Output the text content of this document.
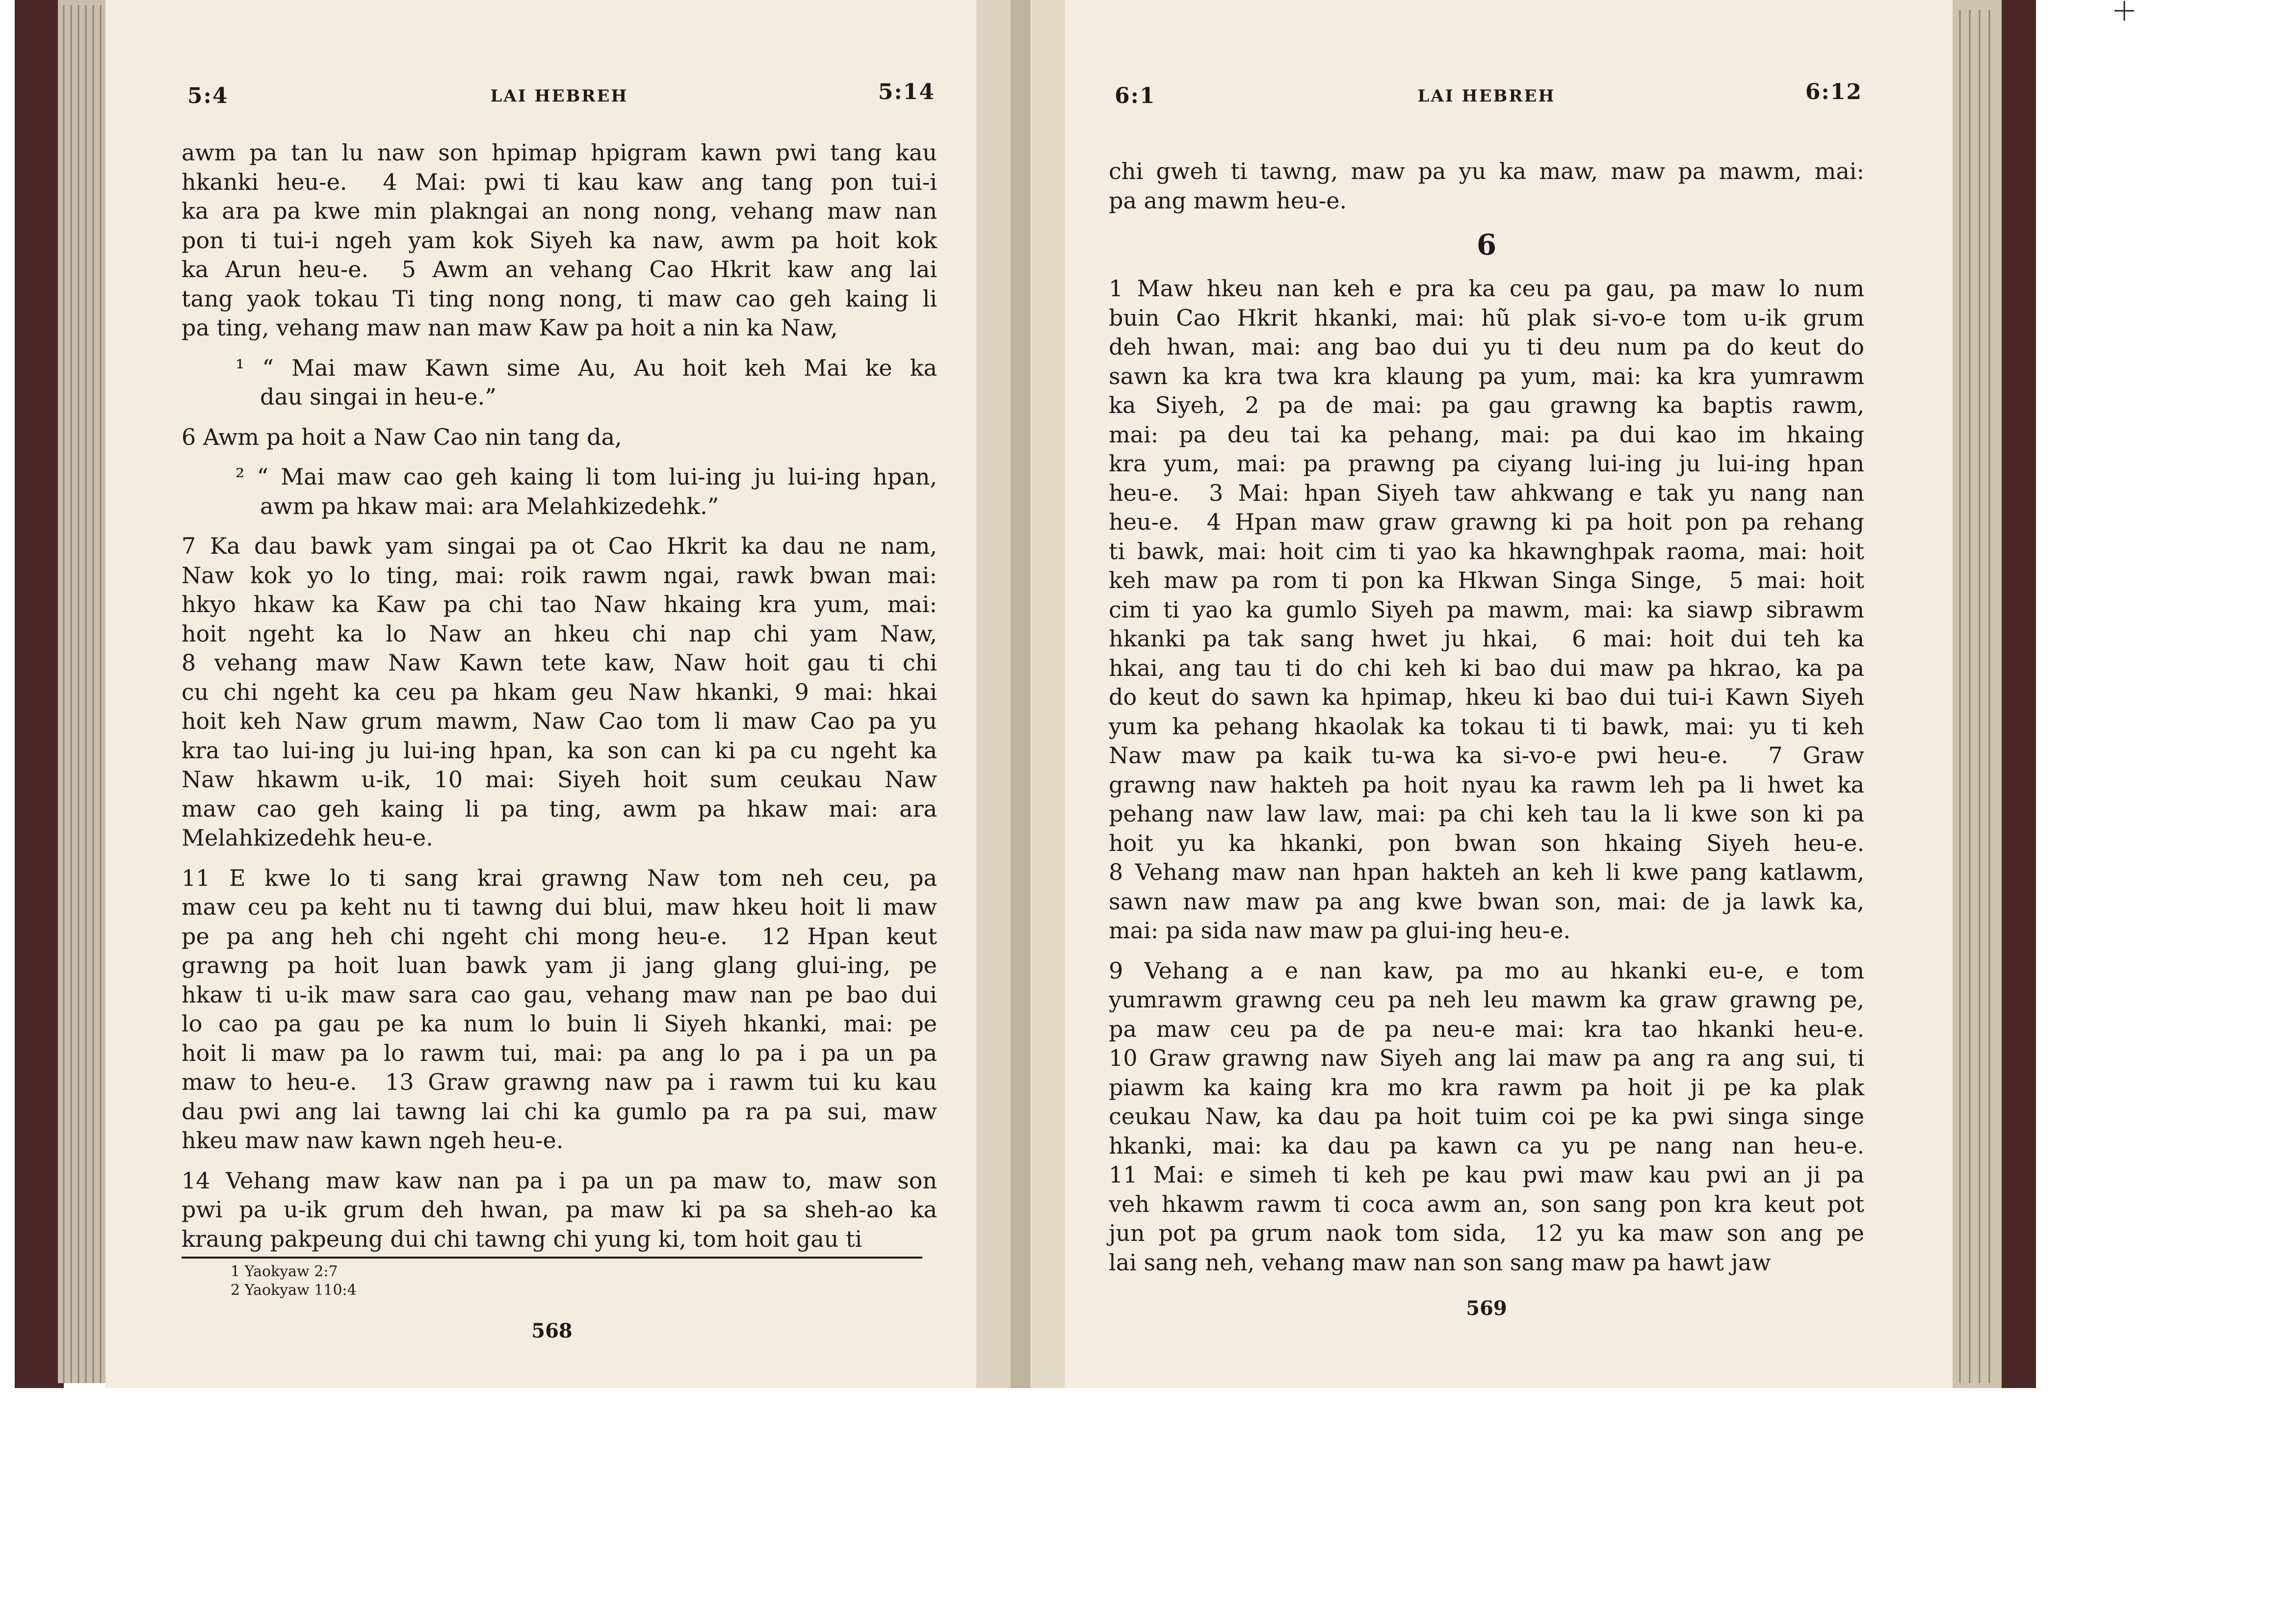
5:4	LAI HEBREH	5:14
awm pa tan lu naw son hpimap hpigram kawn pwi tang kau
hkanki heu-e.  4 Mai: pwi ti kau kaw ang tang pon tui-i
ka ara pa kwe min plakngai an nong nong, vehang maw nan
pon ti tui-i ngeh yam kok Siyeh ka naw, awm pa hoit kok
ka Arun heu-e.  5 Awm an vehang Cao Hkrit kaw ang lai
tang yaok tokau Ti ting nong nong, ti maw cao geh kaing li
pa ting, vehang maw nan maw Kaw pa hoit a nin ka Naw,
¹ “ Mai maw Kawn sime Au, Au hoit keh Mai ke ka
dau singai in heu-e.”
6 Awm pa hoit a Naw Cao nin tang da,
² “ Mai maw cao geh kaing li tom lui-ing ju lui-ing hpan,
awm pa hkaw mai: ara Melahkizedehk.”
7 Ka dau bawk yam singai pa ot Cao Hkrit ka dau ne nam,
Naw kok yo lo ting, mai: roik rawm ngai, rawk bwan mai:
hkyo hkaw ka Kaw pa chi tao Naw hkaing kra yum, mai:
hoit ngeht ka lo Naw an hkeu chi nap chi yam Naw,
8 vehang maw Naw Kawn tete kaw, Naw hoit gau ti chi
cu chi ngeht ka ceu pa hkam geu Naw hkanki, 9 mai: hkai
hoit keh Naw grum mawm, Naw Cao tom li maw Cao pa yu
kra tao lui-ing ju lui-ing hpan, ka son can ki pa cu ngeht ka
Naw hkawm u-ik, 10 mai: Siyeh hoit sum ceukau Naw
maw cao geh kaing li pa ting, awm pa hkaw mai: ara
Melahkizedehk heu-e.
11 E kwe lo ti sang krai grawng Naw tom neh ceu, pa
maw ceu pa keht nu ti tawng dui blui, maw hkeu hoit li maw
pe pa ang heh chi ngeht chi mong heu-e.  12 Hpan keut
grawng pa hoit luan bawk yam ji jang glang glui-ing, pe
hkaw ti u-ik maw sara cao gau, vehang maw nan pe bao dui
lo cao pa gau pe ka num lo buin li Siyeh hkanki, mai: pe
hoit li maw pa lo rawm tui, mai: pa ang lo pa i pa un pa
maw to heu-e.  13 Graw grawng naw pa i rawm tui ku kau
dau pwi ang lai tawng lai chi ka gumlo pa ra pa sui, maw
hkeu maw naw kawn ngeh heu-e.
14 Vehang maw kaw nan pa i pa un pa maw to, maw son
pwi pa u-ik grum deh hwan, pa maw ki pa sa sheh-ao ka
kraung pakpeung dui chi tawng chi yung ki, tom hoit gau ti
1 Yaokyaw 2:7
2 Yaokyaw 110:4
568
6:1	LAI HEBREH	6:12
chi gweh ti tawng, maw pa yu ka maw, maw pa mawm, mai:
pa ang mawm heu-e.
6
1 Maw hkeu nan keh e pra ka ceu pa gau, pa maw lo num
buin Cao Hkrit hkanki, mai: hũ plak si-vo-e tom u-ik grum
deh hwan, mai: ang bao dui yu ti deu num pa do keut do
sawn ka kra twa kra klaung pa yum, mai: ka kra yumrawm
ka Siyeh, 2 pa de mai: pa gau grawng ka baptis rawm,
mai: pa deu tai ka pehang, mai: pa dui kao im hkaing
kra yum, mai: pa prawng pa ciyang lui-ing ju lui-ing hpan
heu-e.  3 Mai: hpan Siyeh taw ahkwang e tak yu nang nan
heu-e.  4 Hpan maw graw grawng ki pa hoit pon pa rehang
ti bawk, mai: hoit cim ti yao ka hkawnghpak raoma, mai: hoit
keh maw pa rom ti pon ka Hkwan Singa Singe,  5 mai: hoit
cim ti yao ka gumlo Siyeh pa mawm, mai: ka siawp sibrawm
hkanki pa tak sang hwet ju hkai,  6 mai: hoit dui teh ka
hkai, ang tau ti do chi keh ki bao dui maw pa hkrao, ka pa
do keut do sawn ka hpimap, hkeu ki bao dui tui-i Kawn Siyeh
yum ka pehang hkaolak ka tokau ti ti bawk, mai: yu ti keh
Naw maw pa kaik tu-wa ka si-vo-e pwi heu-e.  7 Graw
grawng naw hakteh pa hoit nyau ka rawm leh pa li hwet ka
pehang naw law law, mai: pa chi keh tau la li kwe son ki pa
hoit yu ka hkanki, pon bwan son hkaing Siyeh heu-e.
8 Vehang maw nan hpan hakteh an keh li kwe pang katlawm,
sawn naw maw pa ang kwe bwan son, mai: de ja lawk ka,
mai: pa sida naw maw pa glui-ing heu-e.
9 Vehang a e nan kaw, pa mo au hkanki eu-e, e tom
yumrawm grawng ceu pa neh leu mawm ka graw grawng pe,
pa maw ceu pa de pa neu-e mai: kra tao hkanki heu-e.
10 Graw grawng naw Siyeh ang lai maw pa ang ra ang sui, ti
piawm ka kaing kra mo kra rawm pa hoit ji pe ka plak
ceukau Naw, ka dau pa hoit tuim coi pe ka pwi singa singe
hkanki, mai: ka dau pa kawn ca yu pe nang nan heu-e.
11 Mai: e simeh ti keh pe kau pwi maw kau pwi an ji pa
veh hkawm rawm ti coca awm an, son sang pon kra keut pot
jun pot pa grum naok tom sida,  12 yu ka maw son ang pe
lai sang neh, vehang maw nan son sang maw pa hawt jaw
569
